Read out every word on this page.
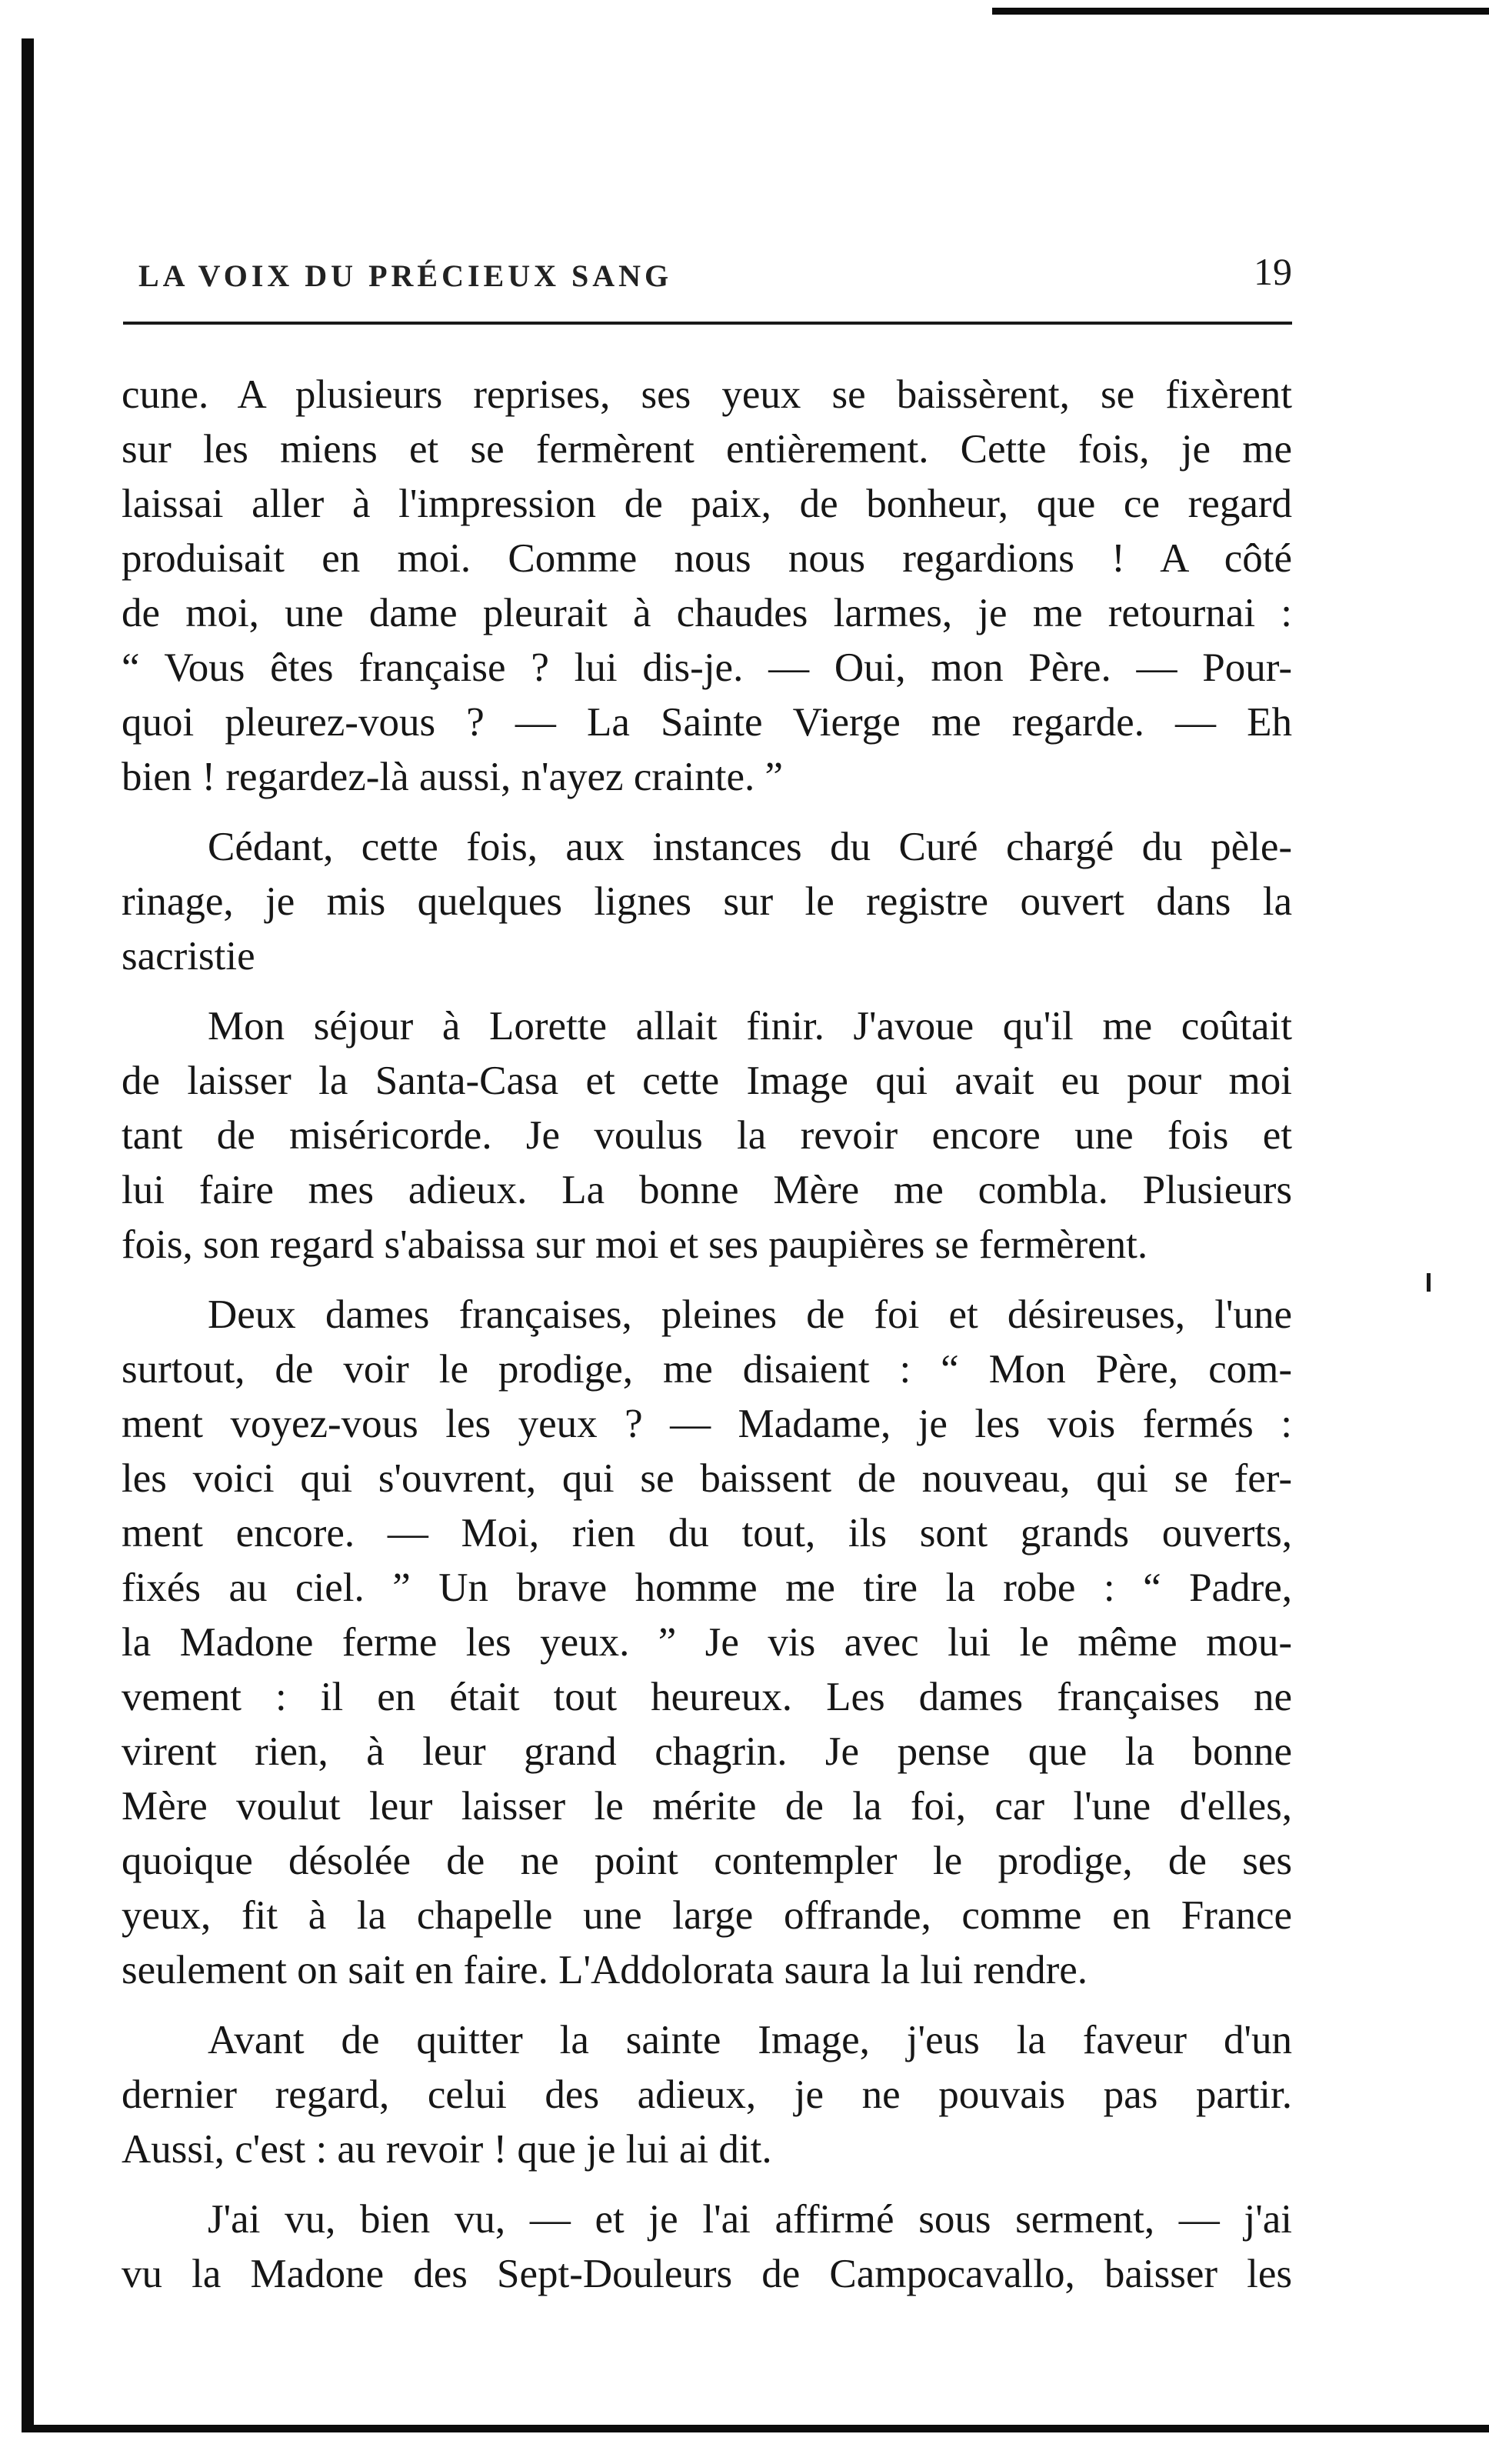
LA VOIX DU PRÉCIEUX SANG	19
cune. A plusieurs reprises, ses yeux se baissèrent, se fixèrent
sur les miens et se fermèrent entièrement. Cette fois, je me
laissai aller à l'impression de paix, de bonheur, que ce regard
produisait en moi. Comme nous nous regardions ! A côté
de moi, une dame pleurait à chaudes larmes, je me retournai :
“ Vous êtes française ? lui dis-je. — Oui, mon Père. — Pour-
quoi pleurez-vous ? — La Sainte Vierge me regarde. — Eh
bien ! regardez-là aussi, n'ayez crainte. ”
Cédant, cette fois, aux instances du Curé chargé du pèle-
rinage, je mis quelques lignes sur le registre ouvert dans la
sacristie
Mon séjour à Lorette allait finir. J'avoue qu'il me coûtait
de laisser la Santa-Casa et cette Image qui avait eu pour moi
tant de miséricorde. Je voulus la revoir encore une fois et
lui faire mes adieux. La bonne Mère me combla. Plusieurs
fois, son regard s'abaissa sur moi et ses paupières se fermèrent.
Deux dames françaises, pleines de foi et désireuses, l'une
surtout, de voir le prodige, me disaient : “ Mon Père, com-
ment voyez-vous les yeux ? — Madame, je les vois fermés :
les voici qui s'ouvrent, qui se baissent de nouveau, qui se fer-
ment encore. — Moi, rien du tout, ils sont grands ouverts,
fixés au ciel. ” Un brave homme me tire la robe : “ Padre,
la Madone ferme les yeux. ” Je vis avec lui le même mou-
vement : il en était tout heureux. Les dames françaises ne
virent rien, à leur grand chagrin. Je pense que la bonne
Mère voulut leur laisser le mérite de la foi, car l'une d'elles,
quoique désolée de ne point contempler le prodige, de ses
yeux, fit à la chapelle une large offrande, comme en France
seulement on sait en faire. L'Addolorata saura la lui rendre.
Avant de quitter la sainte Image, j'eus la faveur d'un
dernier regard, celui des adieux, je ne pouvais pas partir.
Aussi, c'est : au revoir ! que je lui ai dit.
J'ai vu, bien vu, — et je l'ai affirmé sous serment, — j'ai
vu la Madone des Sept-Douleurs de Campocavallo, baisser les
